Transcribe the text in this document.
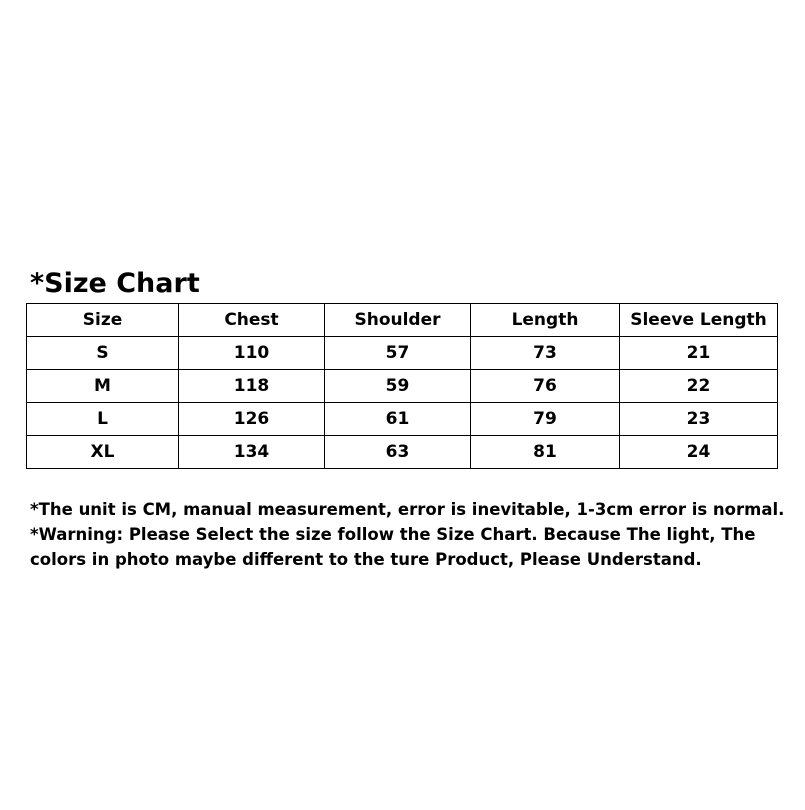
*Size Chart
Size	Chest	Shoulder	Length	Sleeve Length
S	110	57	73	21
M	118	59	76	22
L	126	61	79	23
XL	134	63	81	24

*The unit is CM, manual measurement, error is inevitable, 1-3cm error is normal.

*Warning: Please Select the size follow the Size Chart. Because The light, The

colors in photo maybe different to the ture Product, Please Understand.
